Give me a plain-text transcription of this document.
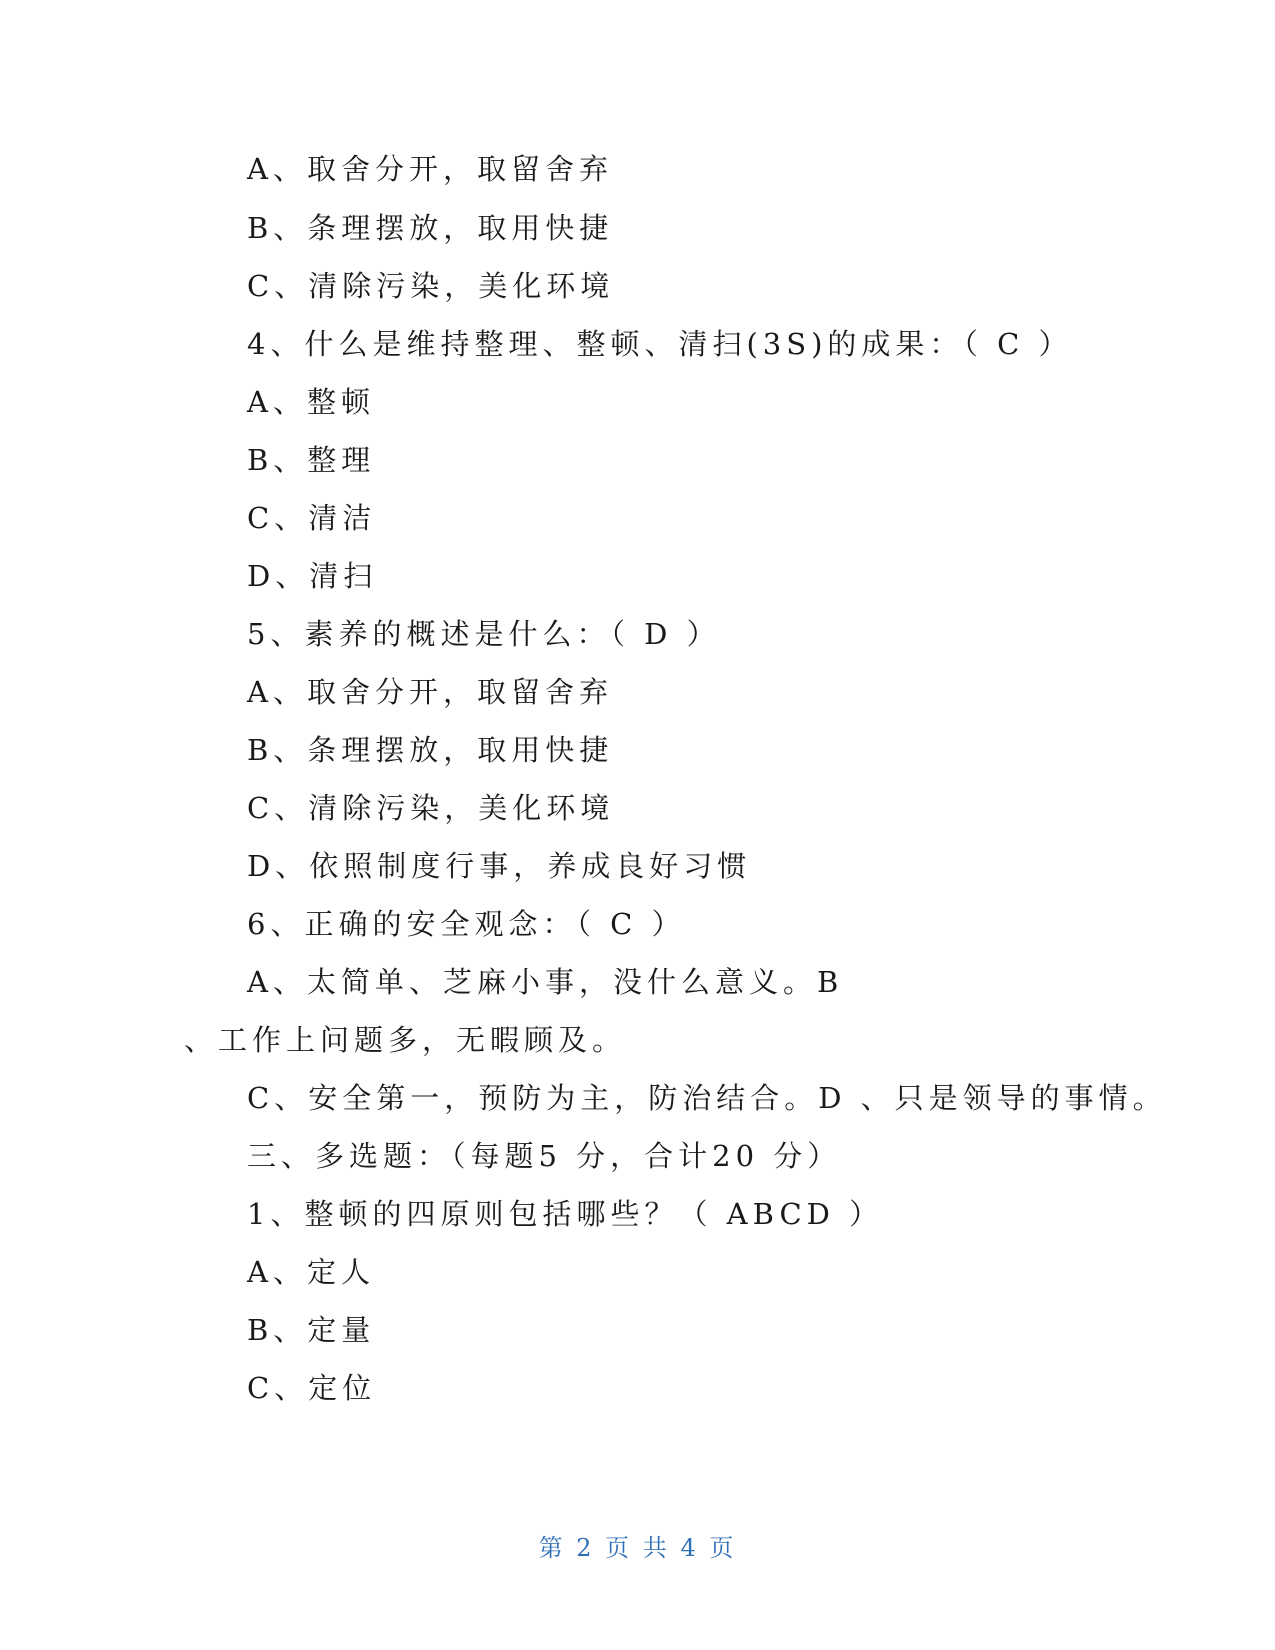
A、取舍分开，取留舍弃
B、条理摆放，取用快捷
C、清除污染，美化环境
4、什么是维持整理、整顿、清扫(3S)的成果：（ C ）
A、整顿
B、整理
C、清洁
D、清扫
5、素养的概述是什么：（ D ）
A、取舍分开，取留舍弃
B、条理摆放，取用快捷
C、清除污染，美化环境
D、依照制度行事，养成良好习惯
6、正确的安全观念：（ C ）
A、太简单、芝麻小事，没什么意义。B
、工作上问题多，无暇顾及。
C、安全第一，预防为主，防治结合。D 、只是领导的事情。
三、多选题：（每题5 分，合计20 分）
1、整顿的四原则包括哪些？（ ABCD ）
A、定人
B、定量
C、定位
第 2 页 共 4 页
